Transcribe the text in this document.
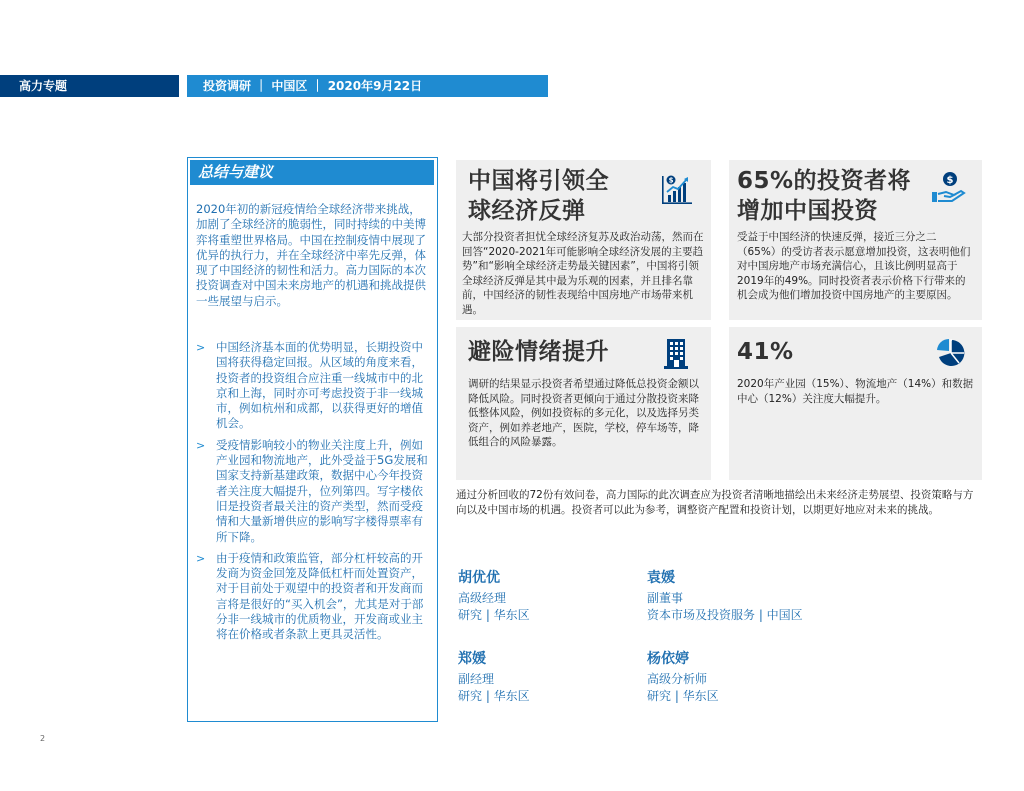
高力专题	投资调研 ｜ 中国区 ｜ 2020年9月22日
总结与建议
2020年初的新冠疫情给全球经济带来挑战，加剧了全球经济的脆弱性，同时持续的中美博弈将重塑世界格局。中国在控制疫情中展现了优异的执行力，并在全球经济中率先反弹，体现了中国经济的韧性和活力。高力国际的本次投资调查对中国未来房地产的机遇和挑战提供一些展望与启示。
> 中国经济基本面的优势明显，长期投资中国将获得稳定回报。从区域的角度来看，投资者的投资组合应注重一线城市中的北京和上海，同时亦可考虑投资于非一线城市，例如杭州和成都，以获得更好的增值机会。
> 受疫情影响较小的物业关注度上升，例如产业园和物流地产，此外受益于5G发展和国家支持新基建政策，数据中心今年投资者关注度大幅提升，位列第四。写字楼依旧是投资者最关注的资产类型，然而受疫情和大量新增供应的影响写字楼得票率有所下降。
> 由于疫情和政策监管，部分杠杆较高的开发商为资金回笼及降低杠杆而处置资产，对于目前处于观望中的投资者和开发商而言将是很好的“买入机会”，尤其是对于部分非一线城市的优质物业，开发商或业主将在价格或者条款上更具灵活性。
中国将引领全
球经济反弹
$
大部分投资者担忧全球经济复苏及政治动荡，然而在回答“2020-2021年可能影响全球经济发展的主要趋势”和“影响全球经济走势最关键因素”，中国将引领全球经济反弹是其中最为乐观的因素，并且排名靠前，中国经济的韧性表现给中国房地产市场带来机遇。
65%的投资者将
增加中国投资
$
受益于中国经济的快速反弹，接近三分之二（65%）的受访者表示愿意增加投资，这表明他们对中国房地产市场充满信心，且该比例明显高于2019年的49%。同时投资者表示价格下行带来的机会成为他们增加投资中国房地产的主要原因。
避险情绪提升
调研的结果显示投资者希望通过降低总投资金额以降低风险。同时投资者更倾向于通过分散投资来降低整体风险，例如投资标的多元化，以及选择另类资产，例如养老地产，医院，学校，停车场等，降低组合的风险暴露。
41%
2020年产业园（15%）、物流地产（14%）和数据中心（12%）关注度大幅提升。
通过分析回收的72份有效问卷，高力国际的此次调查应为投资者清晰地描绘出未来经济走势展望、投资策略与方向以及中国市场的机遇。投资者可以此为参考，调整资产配置和投资计划，以期更好地应对未来的挑战。
胡优优
高级经理
研究 | 华东区
袁媛
副董事
资本市场及投资服务 | 中国区
郑媛
副经理
研究 | 华东区
杨依婷
高级分析师
研究 | 华东区
2
